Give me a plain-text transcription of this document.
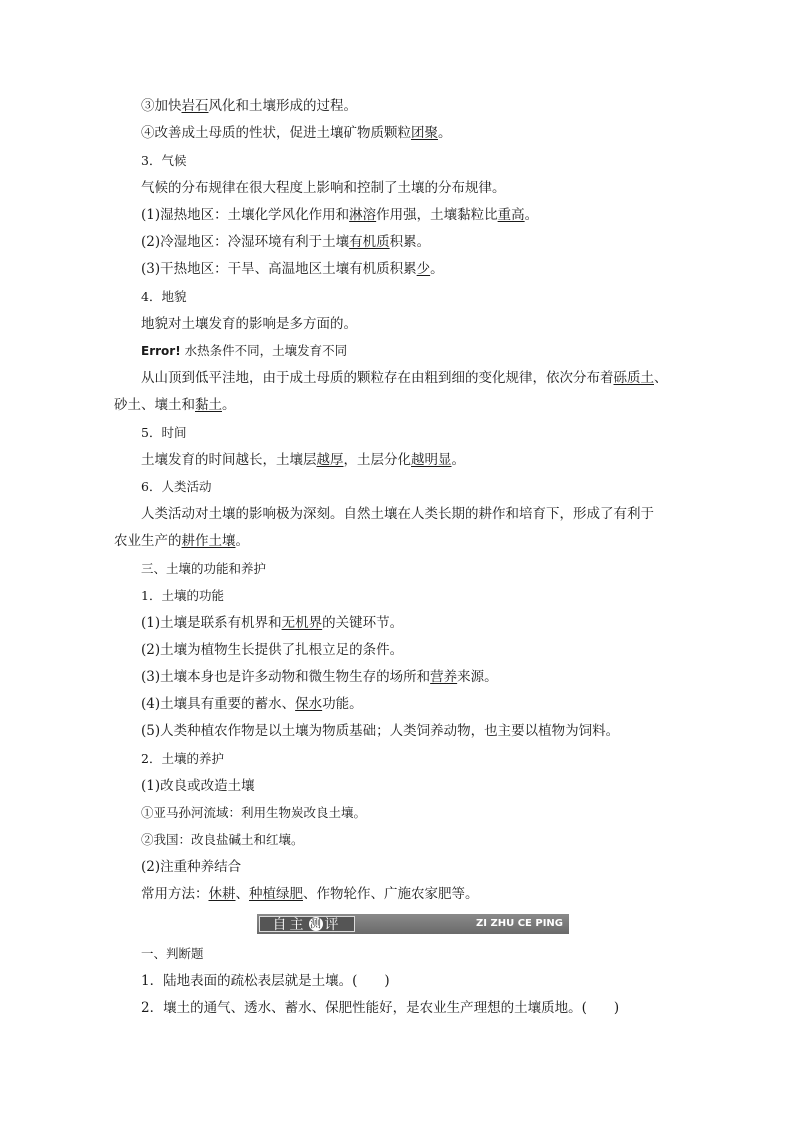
③加快岩石风化和土壤形成的过程。
④改善成土母质的性状，促进土壤矿物质颗粒团聚。
3．气候
气候的分布规律在很大程度上影响和控制了土壤的分布规律。
(1)湿热地区：土壤化学风化作用和淋溶作用强，土壤黏粒比重高。
(2)冷湿地区：冷湿环境有利于土壤有机质积累。
(3)干热地区：干旱、高温地区土壤有机质积累少。
4．地貌
地貌对土壤发育的影响是多方面的。
Error! 水热条件不同，土壤发育不同
从山顶到低平洼地，由于成土母质的颗粒存在由粗到细的变化规律，依次分布着砾质土、
砂土、壤土和黏土。
5．时间
土壤发育的时间越长，土壤层越厚，土层分化越明显。
6．人类活动
人类活动对土壤的影响极为深刻。自然土壤在人类长期的耕作和培育下，形成了有利于
农业生产的耕作土壤。
三、土壤的功能和养护
1．土壤的功能
(1)土壤是联系有机界和无机界的关键环节。
(2)土壤为植物生长提供了扎根立足的条件。
(3)土壤本身也是许多动物和微生物生存的场所和营养来源。
(4)土壤具有重要的蓄水、保水功能。
(5)人类种植农作物是以土壤为物质基础；人类饲养动物，也主要以植物为饲料。
2．土壤的养护
(1)改良或改造土壤
①亚马孙河流域：利用生物炭改良土壤。
②我国：改良盐碱土和红壤。
(2)注重种养结合
常用方法：休耕、种植绿肥、作物轮作、广施农家肥等。
自主 测 评	ZI ZHU CE PING
一、判断题
1．陆地表面的疏松表层就是土壤。(　　)
2．壤土的通气、透水、蓄水、保肥性能好，是农业生产理想的土壤质地。(　　)
